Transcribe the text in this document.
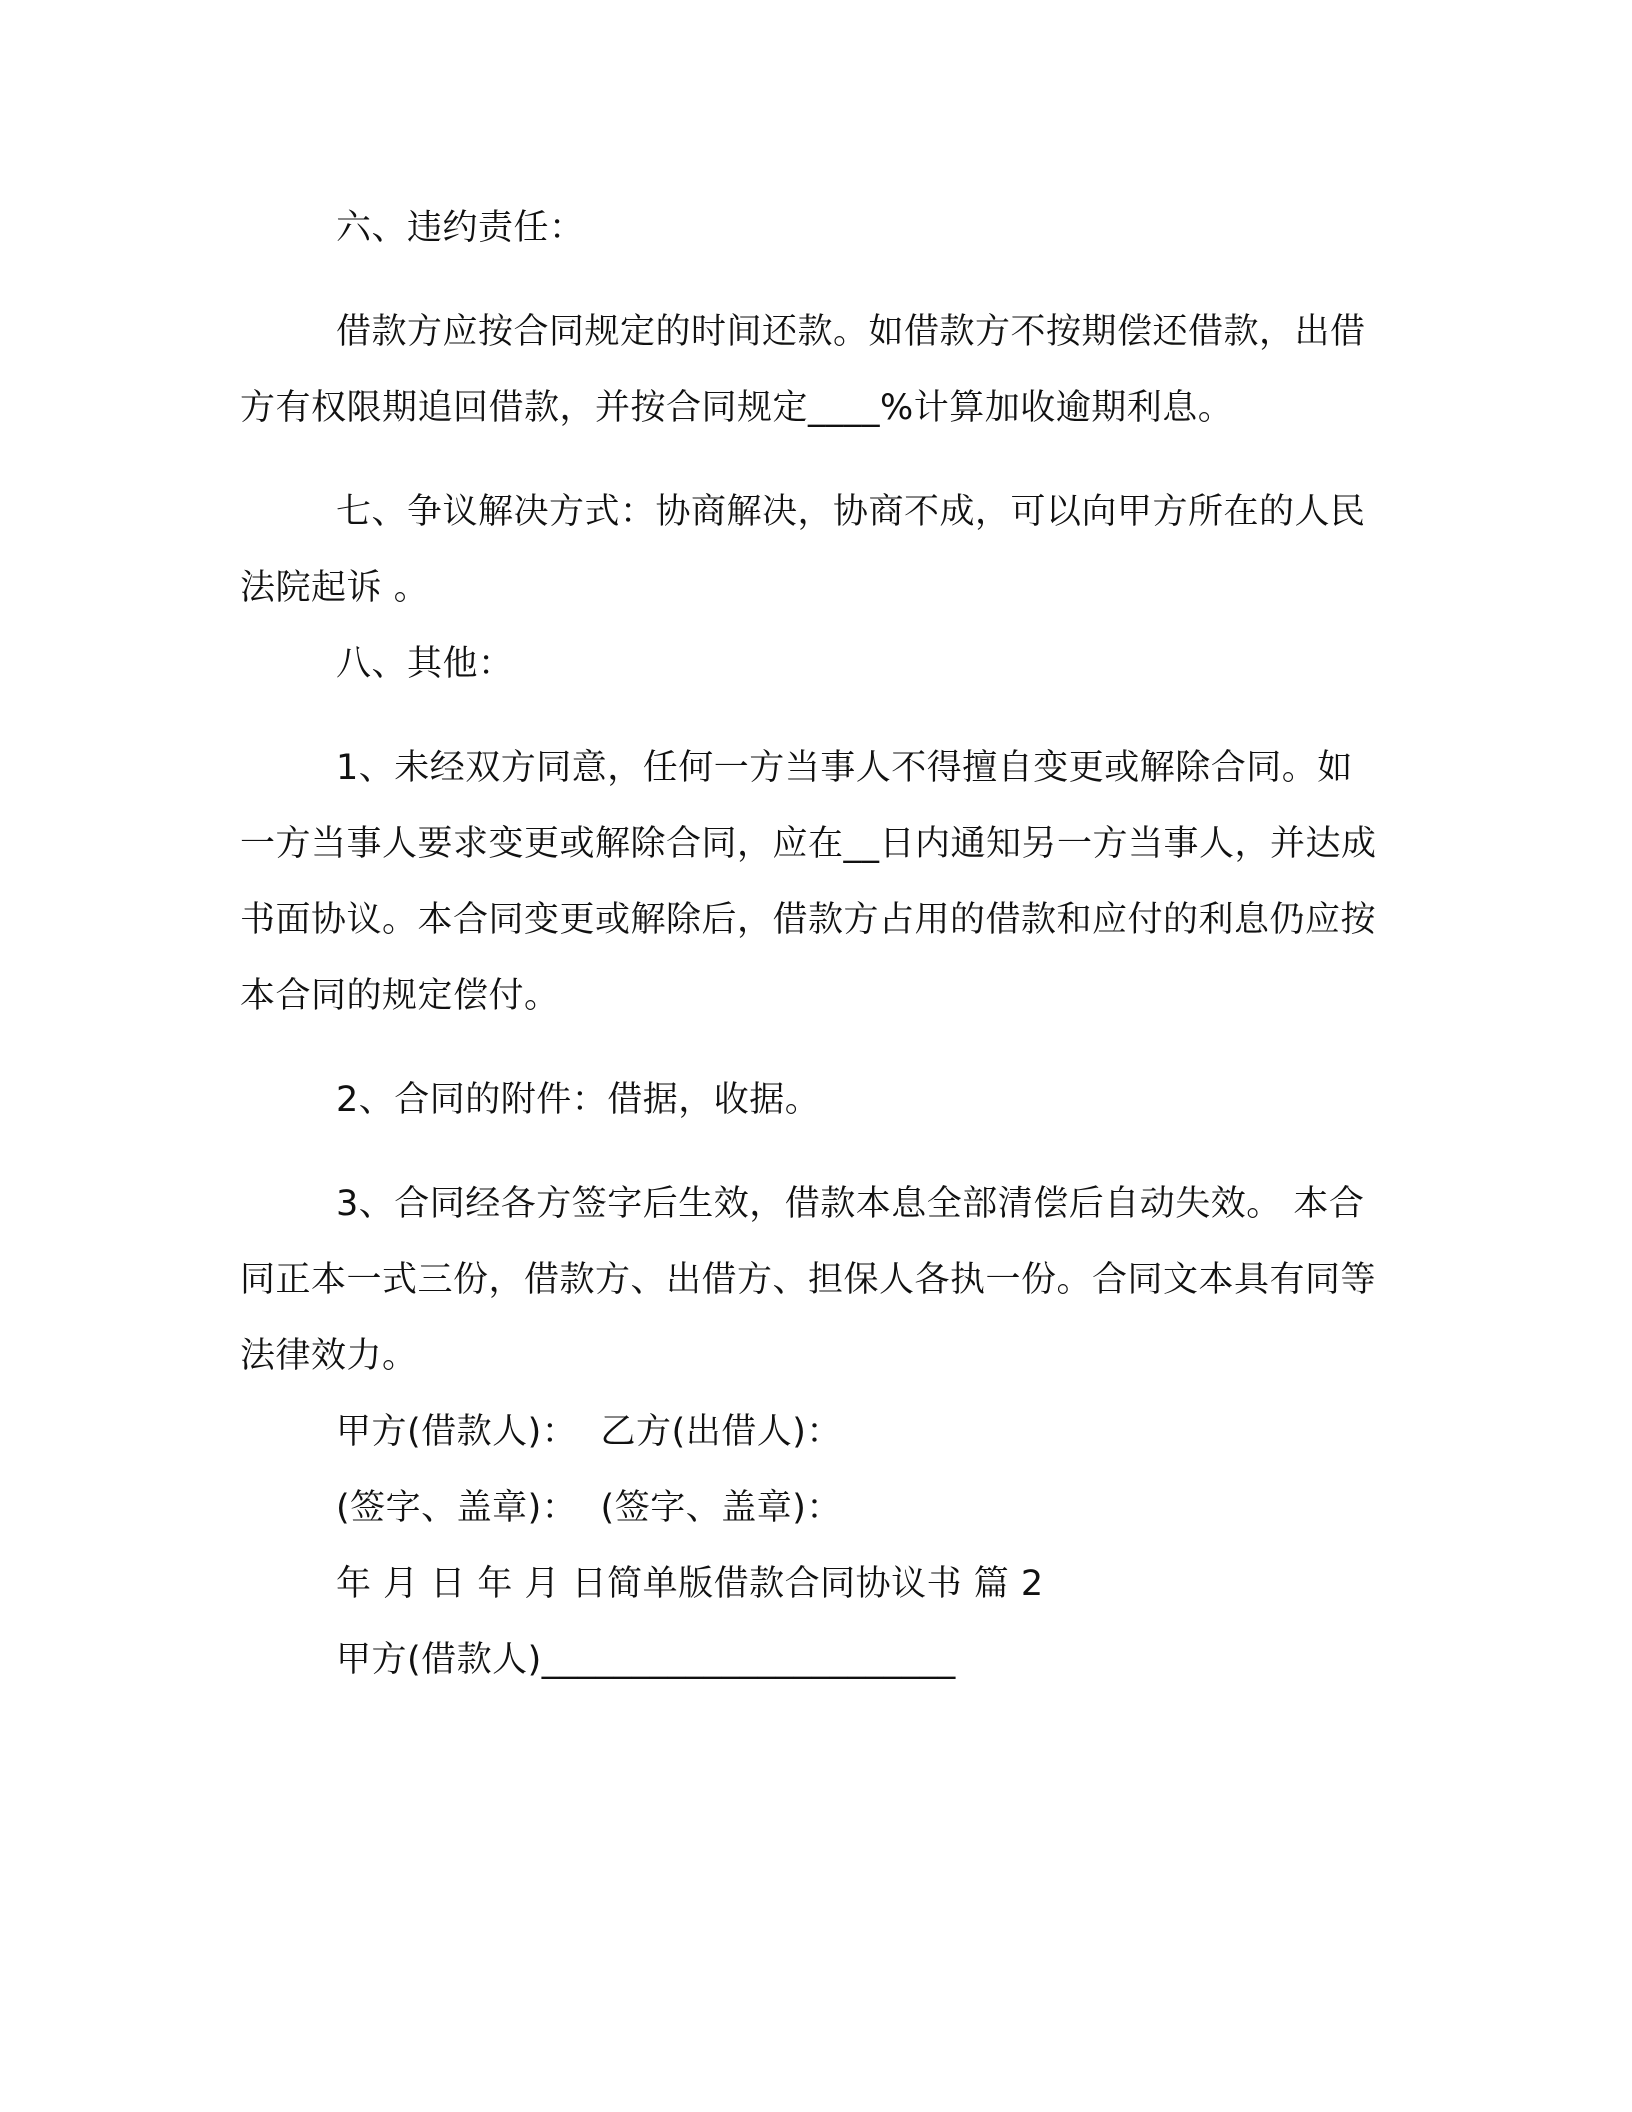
六、违约责任：

借款方应按合同规定的时间还款。如借款方不按期偿还借款，出借方有权限期追回借款，并按合同规定____%计算加收逾期利息。

七、争议解决方式：协商解决，协商不成，可以向甲方所在的人民法院起诉 。

八、其他：

1、未经双方同意，任何一方当事人不得擅自变更或解除合同。如一方当事人要求变更或解除合同，应在__日内通知另一方当事人，并达成书面协议。本合同变更或解除后，借款方占用的借款和应付的利息仍应按本合同的规定偿付。

2、合同的附件：借据，收据。

3、合同经各方签字后生效，借款本息全部清偿后自动失效。 本合同正本一式三份，借款方、出借方、担保人各执一份。合同文本具有同等法律效力。

甲方(借款人)：  乙方(出借人)：

(签字、盖章)：  (签字、盖章)：

年 月 日 年 月 日简单版借款合同协议书 篇 2

甲方(借款人)_______________________
